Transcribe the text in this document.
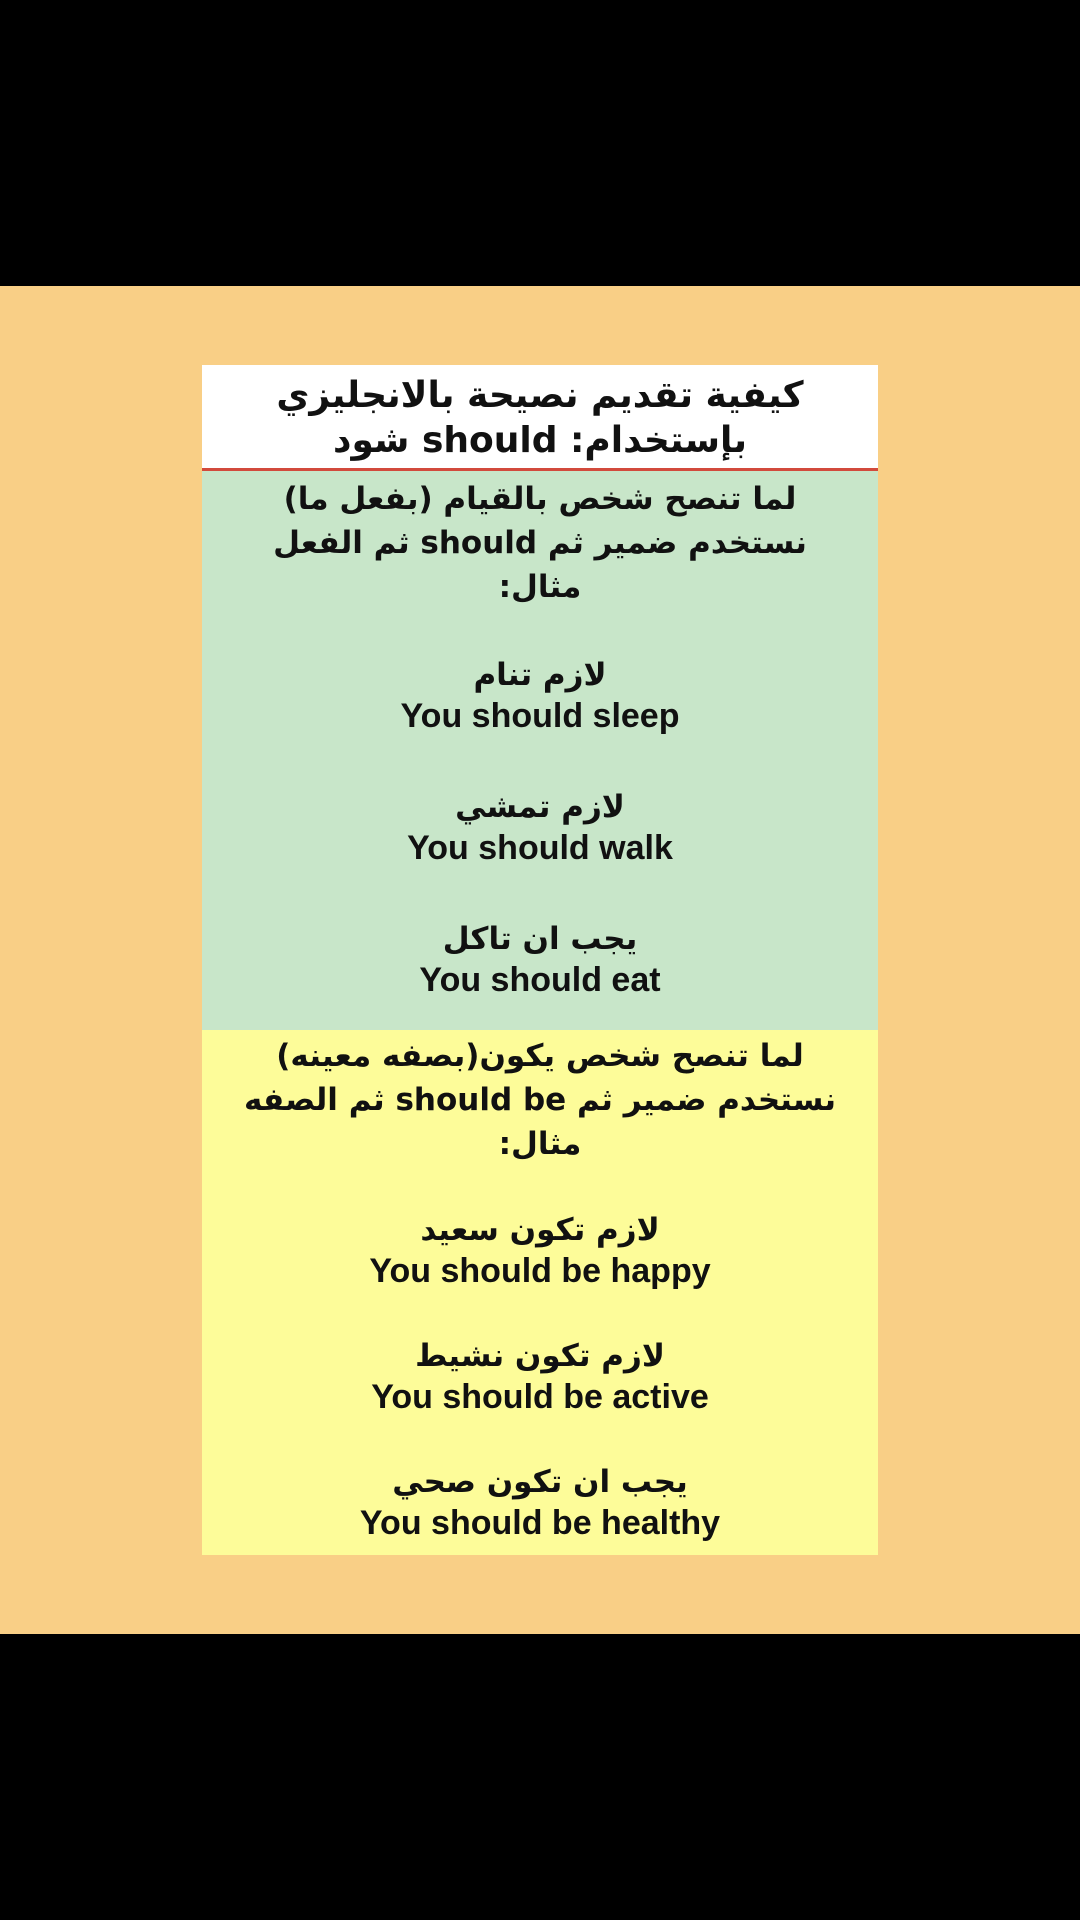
كيفية تقديم نصيحة بالانجليزي
بإستخدام: should شود
لما تنصح شخص بالقيام (بفعل ما)
نستخدم ضمير ثم should ثم الفعل
مثال:
لازم تنام
You should sleep
لازم تمشي
You should walk
يجب ان تاكل
You should eat
لما تنصح شخص يكون(بصفه معينه)
نستخدم ضمير ثم should be ثم الصفه
مثال:
لازم تكون سعيد
You should be happy
لازم تكون نشيط
You should be active
يجب ان تكون صحي
You should be healthy
